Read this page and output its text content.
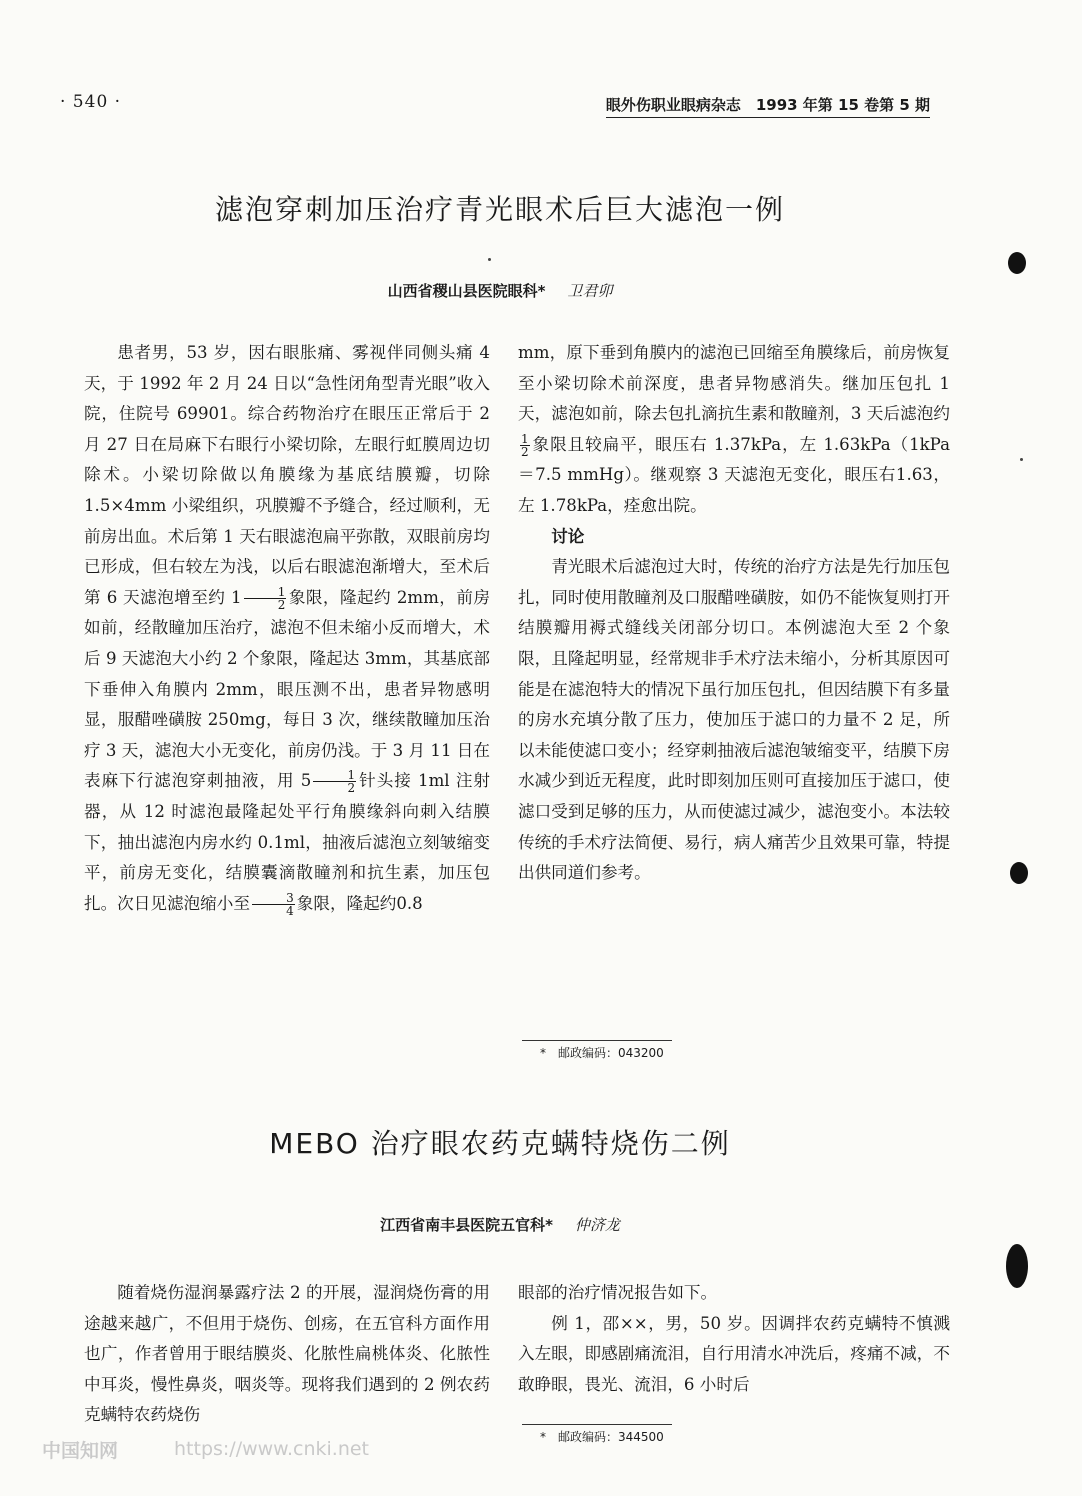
· 540 ·	眼外伤职业眼病杂志　1993 年第 15 卷第 5 期
滤泡穿刺加压治疗青光眼术后巨大滤泡一例
山西省稷山县医院眼科* 卫君卯

患者男，53 岁，因右眼胀痛、雾视伴同侧头痛 4 天，于 1992 年 2 月 24 日以“急性闭角型青光眼”收入院，住院号 69901。综合药物治疗在眼压正常后于 2 月 27 日在局麻下右眼行小梁切除，左眼行虹膜周边切除术。小梁切除做以角膜缘为基底结膜瓣，切除 1.5×4mm 小梁组织，巩膜瓣不予缝合，经过顺利，无前房出血。术后第 1 天右眼滤泡扁平弥散，双眼前房均已形成，但右较左为浅，以后右眼滤泡渐增大，至术后第 6 天滤泡增至约 $1 \frac{1}{2}$ 象限，隆起约 2mm，前房如前，经散瞳加压治疗，滤泡不但未缩小反而增大，术后 9 天滤泡大小约 2 个象限，隆起达 3mm，其基底部下垂伸入角膜内 2mm，眼压测不出，患者异物感明显，服醋唑磺胺 250mg，每日 3 次，继续散瞳加压治疗 3 天，滤泡大小无变化，前房仍浅。于 3 月 11 日在表麻下行滤泡穿刺抽液，用 $5 \frac{1}{2}$ 针头接 1ml 注射器，从 12 时滤泡最隆起处平行角膜缘斜向刺入结膜下，抽出滤泡内房水约 0.1ml，抽液后滤泡立刻皱缩变平，前房无变化，结膜囊滴散瞳剂和抗生素，加压包扎。次日见滤泡缩小至 $\frac{3}{4}$ 象限，隆起约0.8

mm，原下垂到角膜内的滤泡已回缩至角膜缘后，前房恢复至小梁切除术前深度，患者异物感消失。继加压包扎 1 天，滤泡如前，除去包扎滴抗生素和散瞳剂，3 天后滤泡约
$\frac{1}{2}$ 象限且较扁平，眼压右 1.37kPa，左 1.63kPa（1kPa＝7.5 mmHg）。继观察 3 天滤泡无变化，眼压右1.63，左 1.78kPa，痊愈出院。

讨论

青光眼术后滤泡过大时，传统的治疗方法是先行加压包扎，同时使用散瞳剂及口服醋唑磺胺，如仍不能恢复则打开结膜瓣用褥式缝线关闭部分切口。本例滤泡大至 2 个象限，且隆起明显，经常规非手术疗法未缩小，分析其原因可能是在滤泡特大的情况下虽行加压包扎，但因结膜下有多量的房水充填分散了压力，使加压于滤口的力量不 2 足，所以未能使滤口变小；经穿刺抽液后滤泡皱缩变平，结膜下房水减少到近无程度，此时即刻加压则可直接加压于滤口，使滤口受到足够的压力，从而使滤过减少，滤泡变小。本法较传统的手术疗法简便、易行，病人痛苦少且效果可靠，特提出供同道们参考。

*　邮政编码：043200
MEBO 治疗眼农药克螨特烧伤二例
江西省南丰县医院五官科* 仲济龙

随着烧伤湿润暴露疗法 2 的开展，湿润烧伤膏的用途越来越广，不但用于烧伤、创疡，在五官科方面作用也广，作者曾用于眼结膜炎、化脓性扁桃体炎、化脓性中耳炎，慢性鼻炎，咽炎等。现将我们遇到的 2 例农药克螨特农药烧伤

眼部的治疗情况报告如下。

例 1，邵××，男，50 岁。因调拌农药克螨特不慎溅入左眼，即感剧痛流泪，自行用清水冲洗后，疼痛不减，不敢睁眼，畏光、流泪，6 小时后

*　邮政编码：344500
中国知网	https://www.cnki.net
